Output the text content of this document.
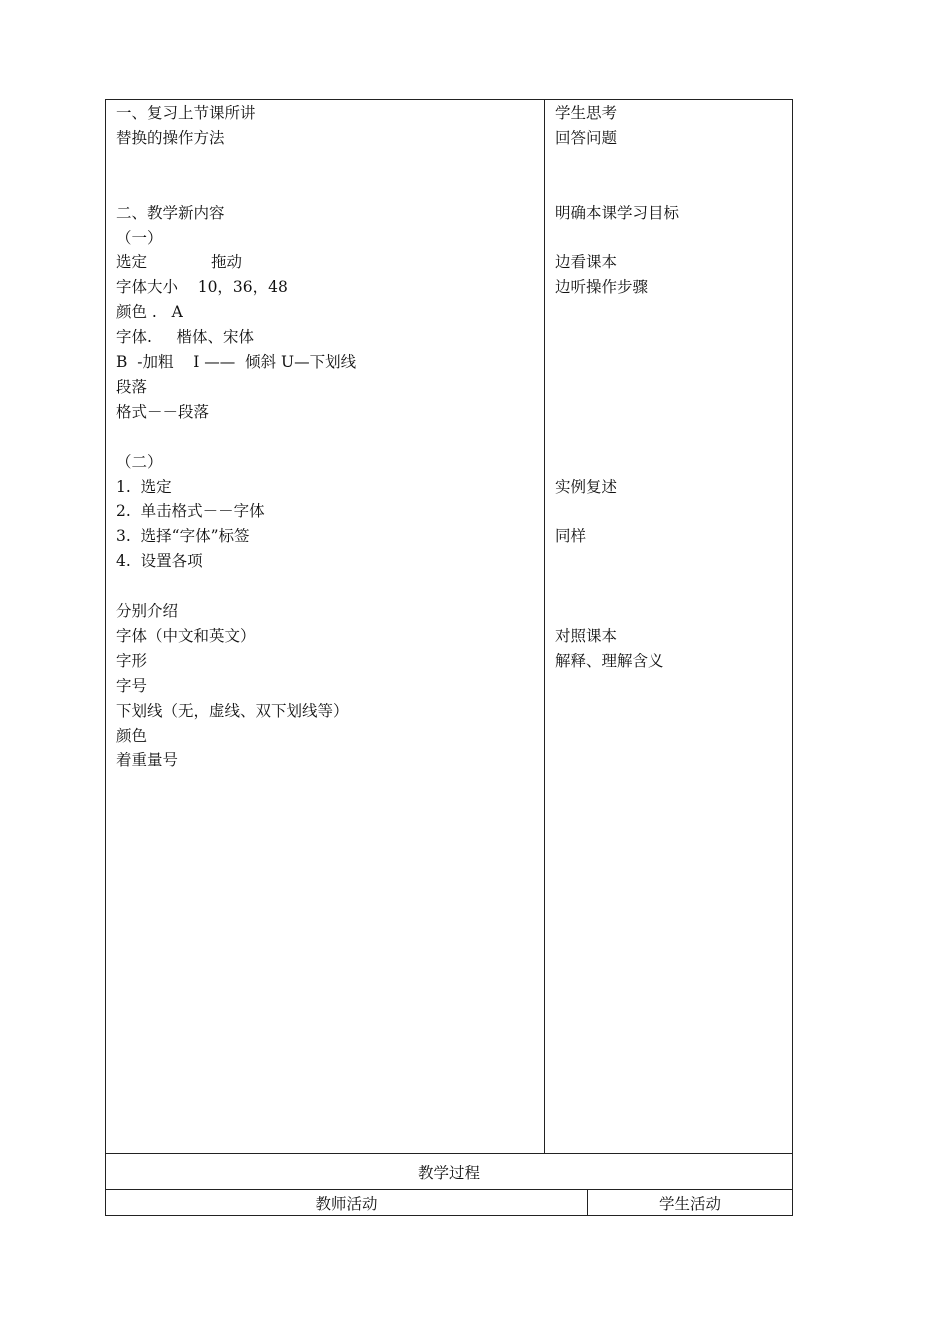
一、复习上节课所讲
替换的操作方法
二、教学新内容
（一）
选定             拖动
字体大小    10，36，48
颜色 .   A
字体.     楷体、宋体
B  -加粗    I ——  倾斜 U—下划线
段落
格式－－段落
（二）
1.  选定
2.  单击格式－－字体
3.  选择“字体”标签
4.  设置各项
分别介绍
字体（中文和英文）
字形
字号
下划线（无，虚线、双下划线等）
颜色
着重量号
学生思考
回答问题
明确本课学习目标
边看课本
边听操作步骤
实例复述
同样
对照课本
解释、理解含义
教学过程
教师活动	学生活动
